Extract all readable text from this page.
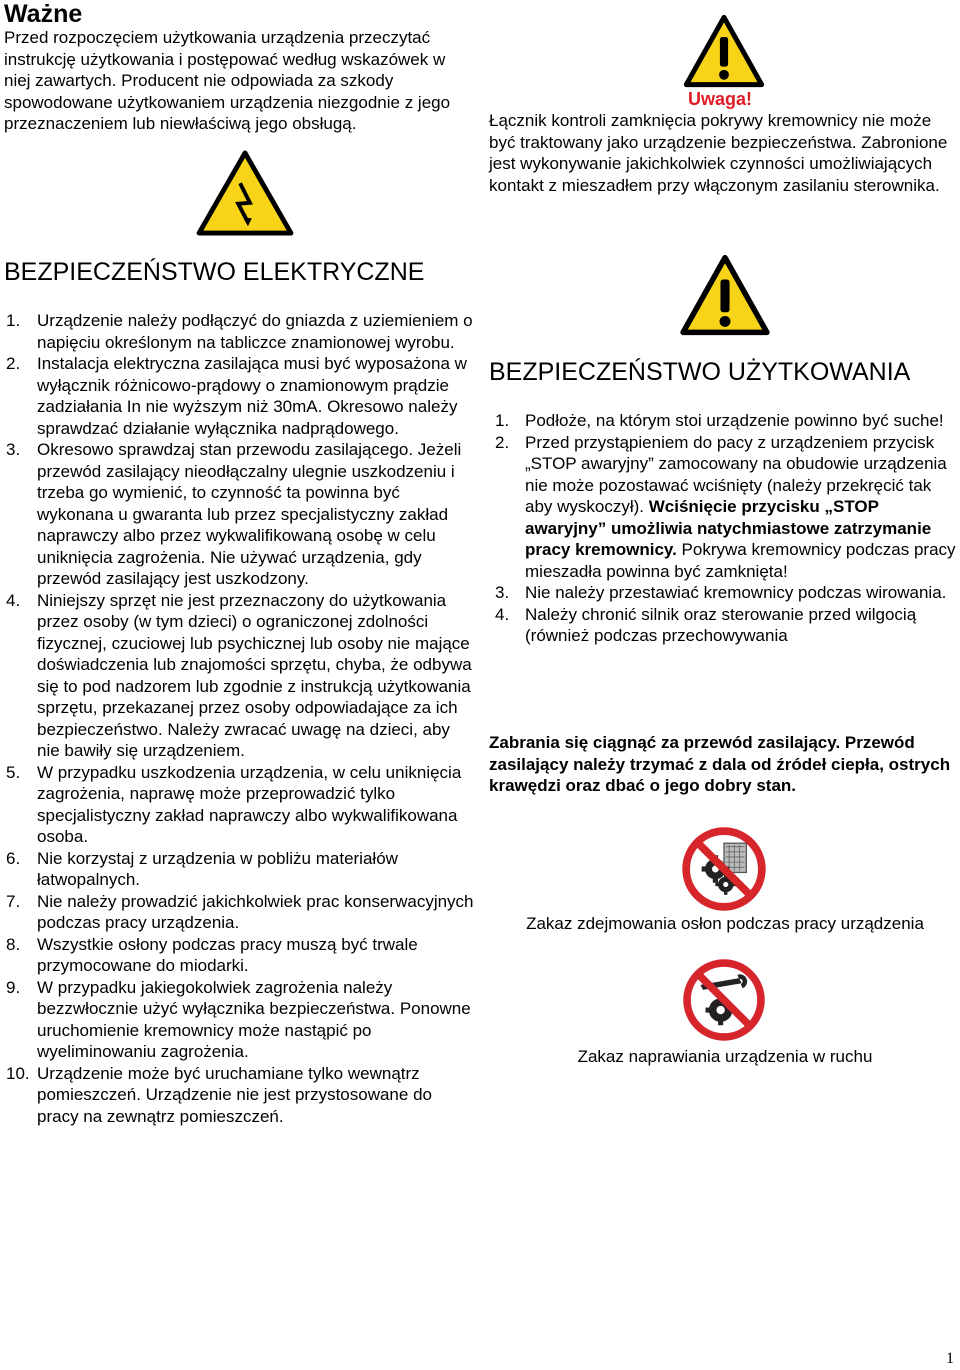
Ważne

Przed rozpoczęciem użytkowania urządzenia przeczytać instrukcję użytkowania i postępować według wskazówek w niej zawartych. Producent nie odpowiada za szkody spowodowane użytkowaniem urządzenia niezgodnie z jego przeznaczeniem lub niewłaściwą jego obsługą.

Uwaga!

Łącznik kontroli zamknięcia pokrywy kremownicy nie może być traktowany jako urządzenie bezpieczeństwa. Zabronione jest wykonywanie jakichkolwiek czynności umożliwiających kontakt z mieszadłem przy włączonym zasilaniu sterownika.

BEZPIECZEŃSTWO ELEKTRYCZNE
1. Urządzenie należy podłączyć do gniazda z uziemieniem o napięciu określonym na tabliczce znamionowej wyrobu.
2. Instalacja elektryczna zasilająca musi być wyposażona w wyłącznik różnicowo-prądowy o znamionowym prądzie zadziałania In nie wyższym niż 30mA. Okresowo należy sprawdzać działanie wyłącznika nadprądowego.
3. Okresowo sprawdzaj stan przewodu zasilającego. Jeżeli przewód zasilający nieodłączalny ulegnie uszkodzeniu i trzeba go wymienić, to czynność ta powinna być wykonana u gwaranta lub przez specjalistyczny zakład naprawczy albo przez wykwalifikowaną osobę w celu uniknięcia zagrożenia. Nie używać urządzenia, gdy przewód zasilający jest uszkodzony.
4. Niniejszy sprzęt nie jest przeznaczony do użytkowania przez osoby (w tym dzieci) o ograniczonej zdolności fizycznej, czuciowej lub psychicznej lub osoby nie mające doświadczenia lub znajomości sprzętu, chyba, że odbywa się to pod nadzorem lub zgodnie z instrukcją użytkowania sprzętu, przekazanej przez osoby odpowiadające za ich bezpieczeństwo. Należy zwracać uwagę na dzieci, aby nie bawiły się urządzeniem.
5. W przypadku uszkodzenia urządzenia, w celu uniknięcia zagrożenia, naprawę może przeprowadzić tylko specjalistyczny zakład naprawczy albo wykwalifikowana osoba.
6. Nie korzystaj z urządzenia w pobliżu materiałów łatwopalnych.
7. Nie należy prowadzić jakichkolwiek prac konserwacyjnych podczas pracy urządzenia.
8. Wszystkie osłony podczas pracy muszą być trwale przymocowane do miodarki.
9. W przypadku jakiegokolwiek zagrożenia należy bezzwłocznie użyć wyłącznika bezpieczeństwa. Ponowne uruchomienie kremownicy może nastąpić po wyeliminowaniu zagrożenia.
10. Urządzenie może być uruchamiane tylko wewnątrz pomieszczeń. Urządzenie nie jest przystosowane do pracy na zewnątrz pomieszczeń.
BEZPIECZEŃSTWO UŻYTKOWANIA
1. Podłoże, na którym stoi urządzenie powinno być suche!
2. Przed przystąpieniem do pacy z urządzeniem przycisk „STOP awaryjny” zamocowany na obudowie urządzenia nie może pozostawać wciśnięty (należy przekręcić tak aby wyskoczył). Wciśnięcie przycisku „STOP awaryjny” umożliwia natychmiastowe zatrzymanie pracy kremownicy. Pokrywa kremownicy podczas pracy mieszadła powinna być zamknięta!
3. Nie należy przestawiać kremownicy podczas wirowania.
4. Należy chronić silnik oraz sterowanie przed wilgocią (również podczas przechowywania

Zabrania się ciągnąć za przewód zasilający. Przewód zasilający należy trzymać z dala od źródeł ciepła, ostrych krawędzi oraz dbać o jego dobry stan.

Zakaz zdejmowania osłon podczas pracy urządzenia

Zakaz naprawiania urządzenia w ruchu

1
